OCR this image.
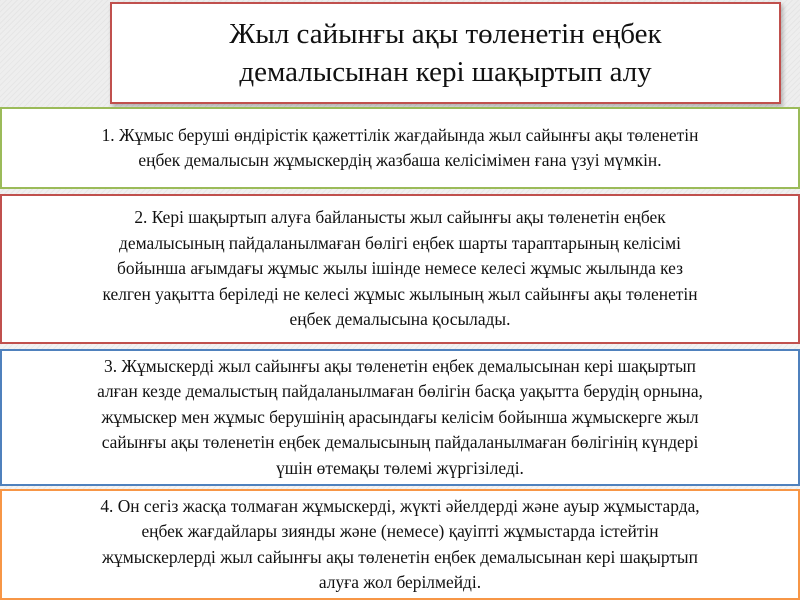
Жыл сайынғы ақы төленетін еңбек
демалысынан кері шақыртып алу
1. Жұмыс беруші өндірістік қажеттілік жағдайында жыл сайынғы ақы төленетін
еңбек демалысын жұмыскердің жазбаша келісімімен ғана үзуі мүмкін.
2. Кері шақыртып алуға байланысты жыл сайынғы ақы төленетін еңбек
демалысының пайдаланылмаған бөлігі еңбек шарты тараптарының келісімі
бойынша ағымдағы жұмыс жылы ішінде немесе келесі жұмыс жылында кез
келген уақытта беріледі не келесі жұмыс жылының жыл сайынғы ақы төленетін
еңбек демалысына қосылады.
3. Жұмыскерді жыл сайынғы ақы төленетін еңбек демалысынан кері шақыртып
алған кезде демалыстың пайдаланылмаған бөлігін басқа уақытта берудің орнына,
жұмыскер мен жұмыс берушінің арасындағы келісім бойынша жұмыскерге жыл
сайынғы ақы төленетін еңбек демалысының пайдаланылмаған бөлігінің күндері
үшін өтемақы төлемі жүргізіледі.
4. Он сегіз жасқа толмаған жұмыскерді, жүкті әйелдерді және ауыр жұмыстарда,
еңбек жағдайлары зиянды және (немесе) қауіпті жұмыстарда істейтін
жұмыскерлерді жыл сайынғы ақы төленетін еңбек демалысынан кері шақыртып
алуға жол берілмейді.
